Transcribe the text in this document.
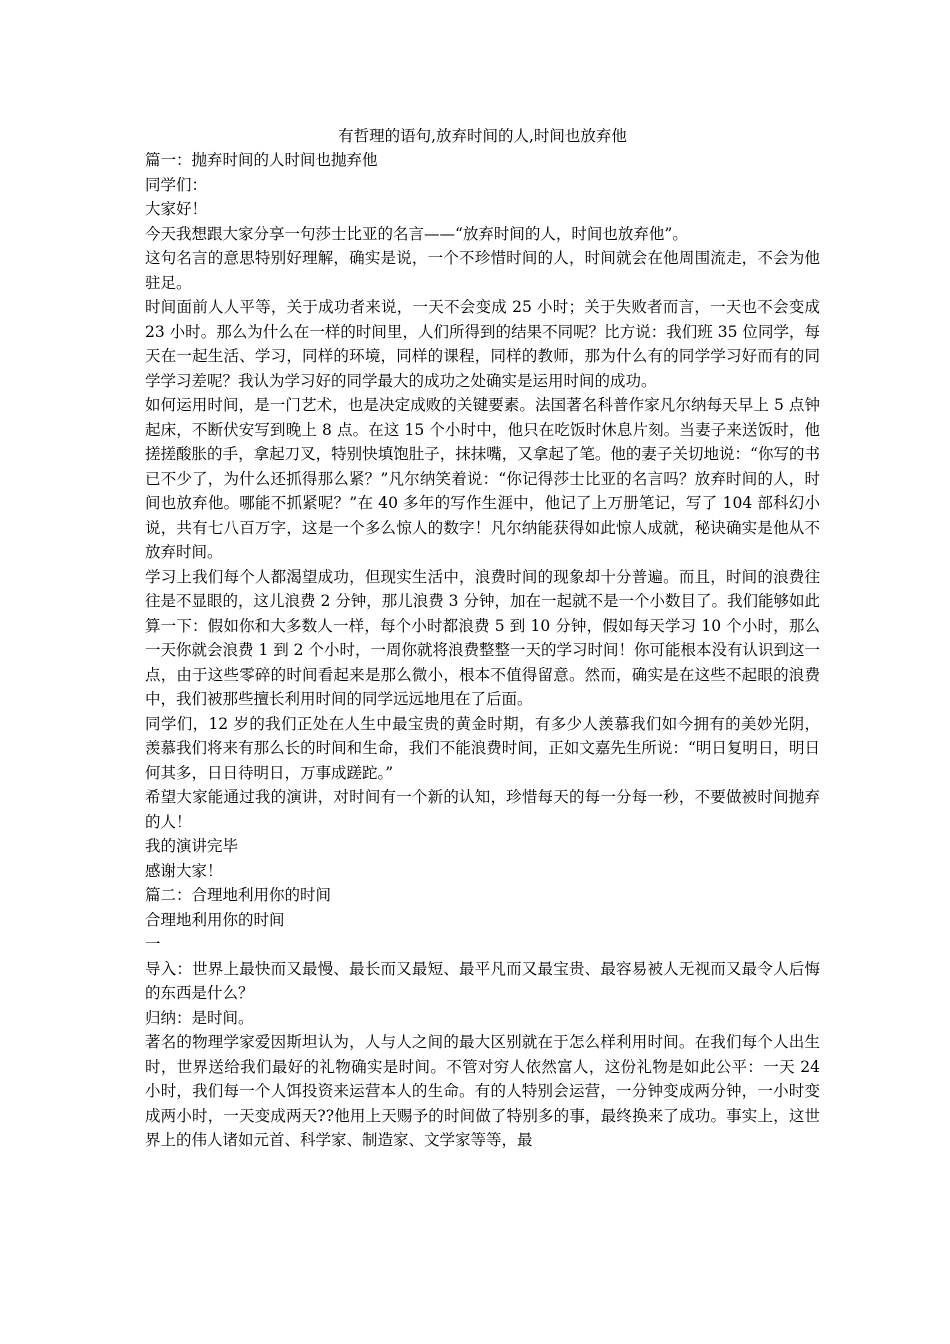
有哲理的语句,放弃时间的人,时间也放弃他

篇一：抛弃时间的人时间也抛弃他

同学们：

大家好！

今天我想跟大家分享一句莎士比亚的名言——“放弃时间的人，时间也放弃他”。

这句名言的意思特别好理解，确实是说，一个不珍惜时间的人，时间就会在他周围流走，不会为他驻足。

时间面前人人平等，关于成功者来说，一天不会变成 25 小时；关于失败者而言，一天也不会变成 23 小时。那么为什么在一样的时间里，人们所得到的结果不同呢？比方说：我们班 35 位同学，每天在一起生活、学习，同样的环境，同样的课程，同样的教师，那为什么有的同学学习好而有的同学学习差呢？我认为学习好的同学最大的成功之处确实是运用时间的成功。

如何运用时间，是一门艺术，也是决定成败的关键要素。法国著名科普作家凡尔纳每天早上 5 点钟起床，不断伏安写到晚上 8 点。在这 15 个小时中，他只在吃饭时休息片刻。当妻子来送饭时，他搓搓酸胀的手，拿起刀叉，特别快填饱肚子，抹抹嘴，又拿起了笔。他的妻子关切地说：“你写的书已不少了，为什么还抓得那么紧？”凡尔纳笑着说：“你记得莎士比亚的名言吗？放弃时间的人，时间也放弃他。哪能不抓紧呢？”在 40 多年的写作生涯中，他记了上万册笔记，写了 104 部科幻小说，共有七八百万字，这是一个多么惊人的数字！凡尔纳能获得如此惊人成就，秘诀确实是他从不放弃时间。

学习上我们每个人都渴望成功，但现实生活中，浪费时间的现象却十分普遍。而且，时间的浪费往往是不显眼的，这儿浪费 2 分钟，那儿浪费 3 分钟，加在一起就不是一个小数目了。我们能够如此算一下：假如你和大多数人一样，每个小时都浪费 5 到 10 分钟，假如每天学习 10 个小时，那么一天你就会浪费 1 到 2 个小时，一周你就将浪费整整一天的学习时间！你可能根本没有认识到这一点，由于这些零碎的时间看起来是那么微小，根本不值得留意。然而，确实是在这些不起眼的浪费中，我们被那些擅长利用时间的同学远远地甩在了后面。

同学们，12 岁的我们正处在人生中最宝贵的黄金时期，有多少人羡慕我们如今拥有的美妙光阴，羡慕我们将来有那么长的时间和生命，我们不能浪费时间，正如文嘉先生所说：“明日复明日，明日何其多，日日待明日，万事成蹉跎。”

希望大家能通过我的演讲，对时间有一个新的认知，珍惜每天的每一分每一秒，不要做被时间抛弃的人！

我的演讲完毕

感谢大家！

篇二：合理地利用你的时间

合理地利用你的时间

一

导入：世界上最快而又最慢、最长而又最短、最平凡而又最宝贵、最容易被人无视而又最令人后悔的东西是什么？

归纳：是时间。

著名的物理学家爱因斯坦认为，人与人之间的最大区别就在于怎么样利用时间。在我们每个人出生时，世界送给我们最好的礼物确实是时间。不管对穷人依然富人，这份礼物是如此公平：一天 24 小时，我们每一个人饵投资来运营本人的生命。有的人特别会运营，一分钟变成两分钟，一小时变成两小时，一天变成两天??他用上天赐予的时间做了特别多的事，最终换来了成功。事实上，这世界上的伟人诸如元首、科学家、制造家、文学家等等，最
